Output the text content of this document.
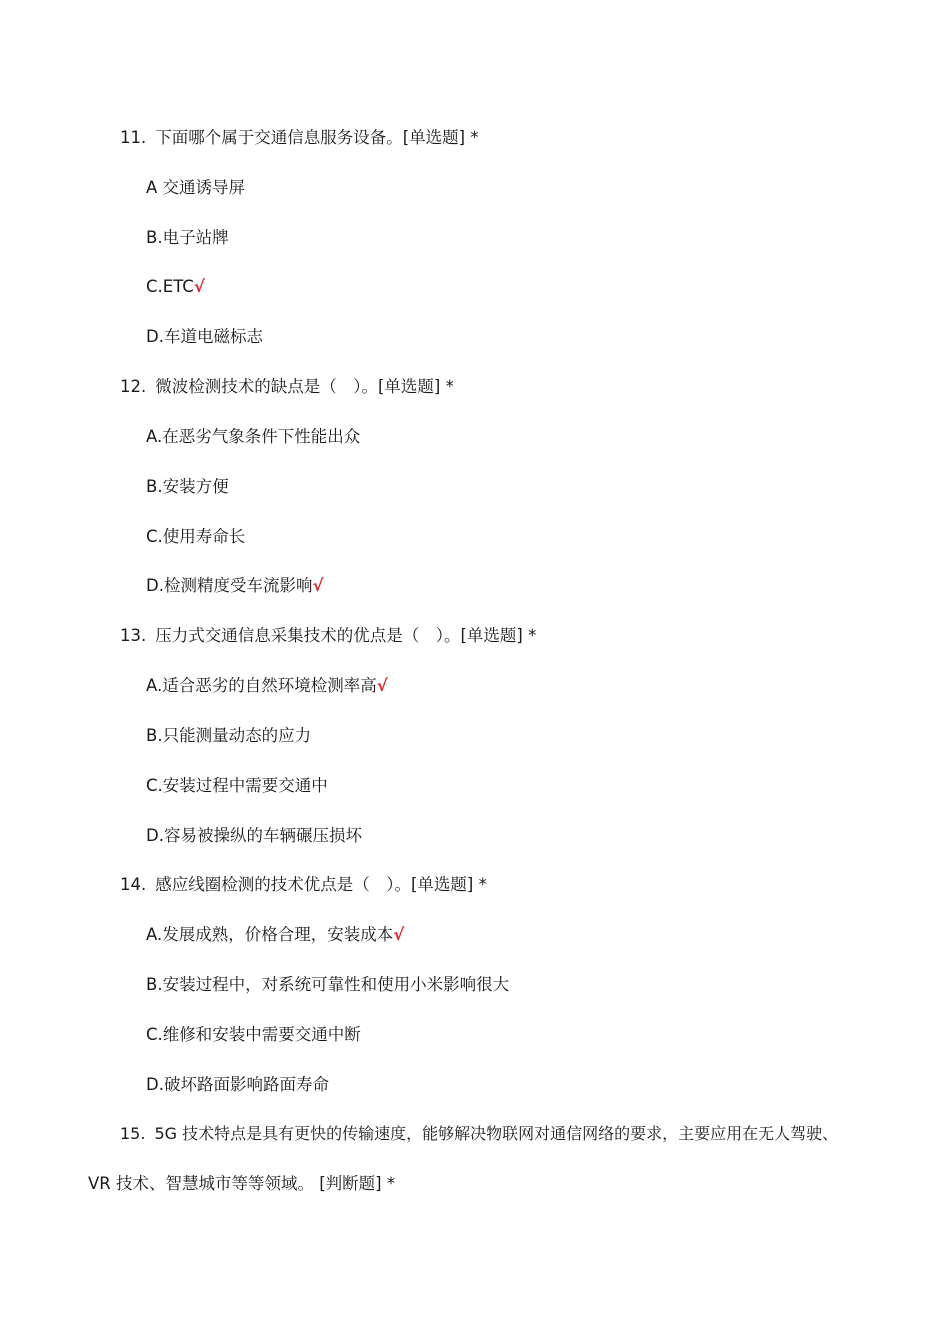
11. 下面哪个属于交通信息服务设备。[单选题] *
A 交通诱导屏
B.电子站牌
C.ETC√
D.车道电磁标志
12. 微波检测技术的缺点是（　）。[单选题] *
A.在恶劣气象条件下性能出众
B.安装方便
C.使用寿命长
D.检测精度受车流影响√
13. 压力式交通信息采集技术的优点是（　）。[单选题] *
A.适合恶劣的自然环境检测率高√
B.只能测量动态的应力
C.安装过程中需要交通中
D.容易被操纵的车辆碾压损坏
14. 感应线圈检测的技术优点是（　）。[单选题] *
A.发展成熟，价格合理，安装成本√
B.安装过程中，对系统可靠性和使用小米影响很大
C.维修和安装中需要交通中断
D.破坏路面影响路面寿命
15. 5G 技术特点是具有更快的传输速度，能够解决物联网对通信网络的要求，主要应用在无人驾驶、
VR 技术、智慧城市等等领域。 [判断题] *
